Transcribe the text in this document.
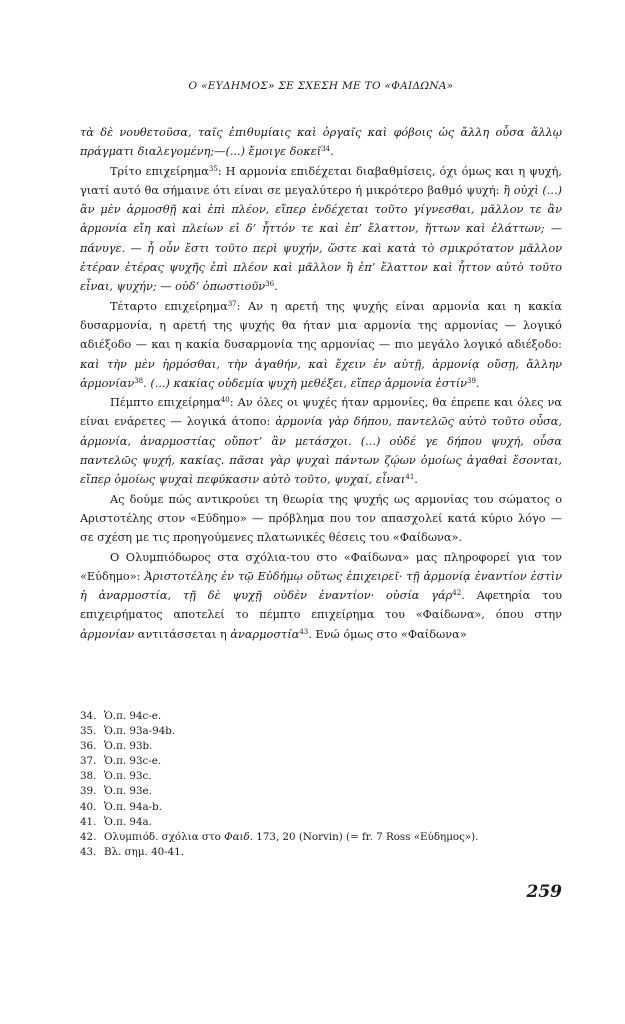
Ο «ΕΥΔΗΜΟΣ» ΣΕ ΣΧΕΣΗ ΜΕ ΤΟ «ΦΑΙΔΩΝΑ»

τὰ δὲ νουθετοῦσα, ταῖς ἐπιθυμίαις καὶ ὀργαῖς καὶ φόβοις ὡς ἄλλη οὖσα ἄλλῳ πράγματι διαλεγομένη;—(...) ἔμοιγε δοκεῖ$^{34}$.

Τρίτο επιχείρημα$^{35}$: Η αρμονία επιδέχεται διαβαθμίσεις, όχι όμως και η ψυχή, γιατί αυτό θα σήμαινε ότι είναι σε μεγαλύτερο ή μικρότερο βαθμό ψυχή: ἢ οὐχὶ (...) ἂν μὲν ἁρμοσθῇ καὶ ἐπὶ πλέον, εἴπερ ἐνδέχεται τοῦτο γίγνεσθαι, μᾶλλον τε ἂν ἁρμονία εἴη καὶ πλείων εἰ δ’ ἧττόν τε καὶ ἐπ’ ἔλαττον, ἥττων καὶ ἐλάττων; — πάνυγε. — ἦ οὖν ἔστι τοῦτο περὶ ψυχήν, ὥστε καὶ κατὰ τὸ σμικρότατον μᾶλλον ἑτέραν ἑτέρας ψυχῆς ἐπὶ πλέον καὶ μᾶλλον ἢ ἐπ’ ἔλαττον καὶ ἧττον αὐτὸ τοῦτο εἶναι, ψυχήν; — οὐδ’ ὁπωστιοῦν$^{36}$.

Τέταρτο επιχείρημα$^{37}$: Αν η αρετή της ψυχής είναι αρμονία και η κακία δυσαρμονία, η αρετή της ψυχής θα ήταν μια αρμονία της αρμονίας — λογικό αδιέξοδο — και η κακία δυσαρμονία της αρμονίας — πιο μεγάλο λογικό αδιέξοδο: καὶ τὴν μὲν ἡρμόσθαι, τὴν ἀγαθήν, καὶ ἔχειν ἐν αὐτῇ, ἁρμονίᾳ οὔσῃ, ἄλλην ἁρμονίαν$^{38}$. (...) κακίας οὐδεμία ψυχὴ μεθέξει, εἴπερ ἁρμονία ἐστίν$^{39}$.

Πέμπτο επιχείρημα$^{40}$: Αν όλες οι ψυχές ήταν αρμονίες, θα έπρεπε και όλες να είναι ενάρετες — λογικά άτοπο: ἁρμονία γὰρ δήπου, παντελῶς αὐτὸ τοῦτο οὖσα, ἁρμονία, ἀναρμοστίας οὔποτ’ ἂν μετάσχοι. (...) οὐδέ γε δήπου ψυχή, οὖσα παντελῶς ψυχή, κακίας. πᾶσαι γὰρ ψυχαὶ πάντων ζῴων ὁμοίως ἀγαθαὶ ἔσονται, εἴπερ ὁμοίως ψυχαὶ πεφύκασιν αὐτὸ τοῦτο, ψυχαί, εἶναι$^{41}$.

Ας δούμε πώς αντικρούει τη θεωρία της ψυχής ως αρμονίας του σώματος ο Αριστοτέλης στον «Εύδημο» — πρόβλημα που τον απασχολεί κατά κύριο λόγο — σε σχέση με τις προηγούμενες πλατωνικές θέσεις του «Φαίδωνα».

Ο Ολυμπιόδωρος στα σχόλια-του στο «Φαίδωνα» μας πληροφορεί για τον «Εύδημο»: Ἀριστοτέλης ἐν τῷ Εὐδήμῳ οὕτως ἐπιχειρεῖ· τῇ ἁρμονίᾳ ἐναντίον ἐστὶν ἡ ἀναρμοστία, τῇ δὲ ψυχῇ οὐδὲν ἐναντίον· οὐσία γάρ$^{42}$. Αφετηρία του επιχειρήματος αποτελεί το πέμπτο επιχείρημα του «Φαίδωνα», όπου στην ἁρμονίαν αντιτάσσεται η ἀναρμοστία$^{43}$. Ενώ όμως στο «Φαίδωνα»

34. Ὁ.π. 94c-e.
35. Ὁ.π. 93a-94b.
36. Ὁ.π. 93b.
37. Ὁ.π. 93c-e.
38. Ὁ.π. 93c.
39. Ὁ.π. 93e.
40. Ὁ.π. 94a-b.
41. Ὁ.π. 94a.
42. Ολυμπιόδ. σχόλια στο Φαιδ. 173, 20 (Norvin) (= fr. 7 Ross «Εύδημος»).
43. Βλ. σημ. 40-41.
259
